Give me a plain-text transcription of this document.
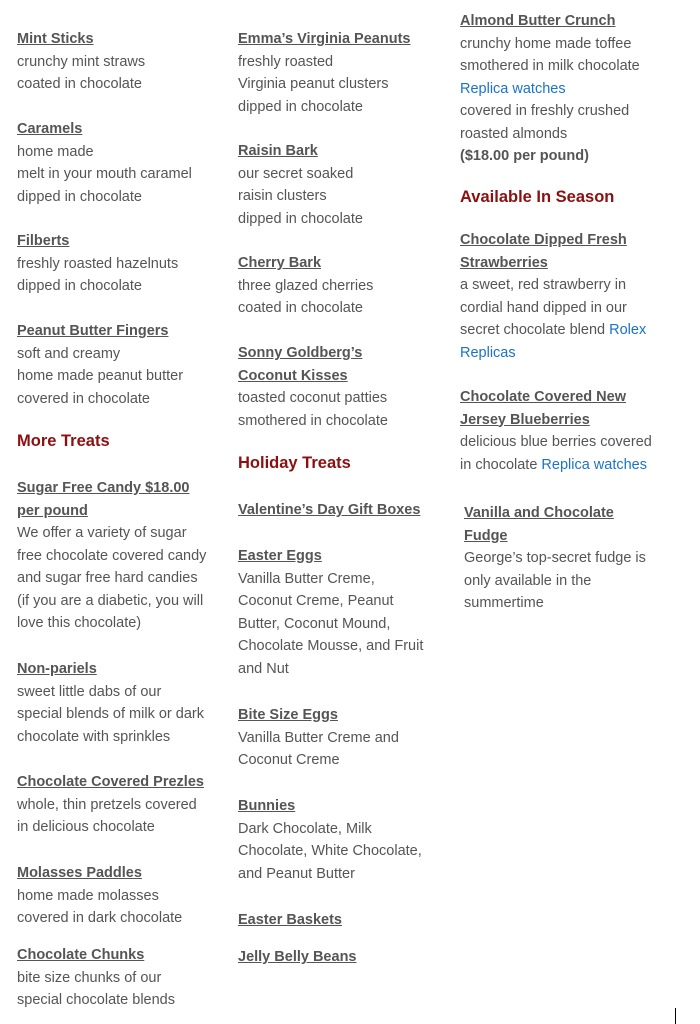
Mint Sticks
crunchy mint straws
coated in chocolate
Caramels
home made
melt in your mouth caramel
dipped in chocolate
Filberts
freshly roasted hazelnuts
dipped in chocolate
Peanut Butter Fingers
soft and creamy
home made peanut butter
covered in chocolate
More Treats
Sugar Free Candy $18.00
per pound
We offer a variety of sugar
free chocolate covered candy
and sugar free hard candies
(if you are a diabetic, you will
love this chocolate)
Non-pariels
sweet little dabs of our
special blends of milk or dark
chocolate with sprinkles
Chocolate Covered Prezles
whole, thin pretzels covered
in delicious chocolate
Molasses Paddles
home made molasses
covered in dark chocolate
Chocolate Chunks
bite size chunks of our
special chocolate blends
Emma’s Virginia Peanuts
freshly roasted
Virginia peanut clusters
dipped in chocolate
Raisin Bark
our secret soaked
raisin clusters
dipped in chocolate
Cherry Bark
three glazed cherries
coated in chocolate
Sonny Goldberg’s
Coconut Kisses
toasted coconut patties
smothered in chocolate
Holiday Treats
Valentine’s Day Gift Boxes
Easter Eggs
Vanilla Butter Creme,
Coconut Creme, Peanut
Butter, Coconut Mound,
Chocolate Mousse, and Fruit
and Nut
Bite Size Eggs
Vanilla Butter Creme and
Coconut Creme
Bunnies
Dark Chocolate, Milk
Chocolate, White Chocolate,
and Peanut Butter
Easter Baskets
Jelly Belly Beans
Almond Butter Crunch
crunchy home made toffee
smothered in milk chocolate
Replica watches
covered in freshly crushed
roasted almonds
($18.00 per pound)
Available In Season
Chocolate Dipped Fresh
Strawberries
a sweet, red strawberry in
cordial hand dipped in our
secret chocolate blend Rolex
Replicas
Chocolate Covered New
Jersey Blueberries
delicious blue berries covered
in chocolate Replica watches
Vanilla and Chocolate
Fudge
George’s top-secret fudge is
only available in the
summertime
